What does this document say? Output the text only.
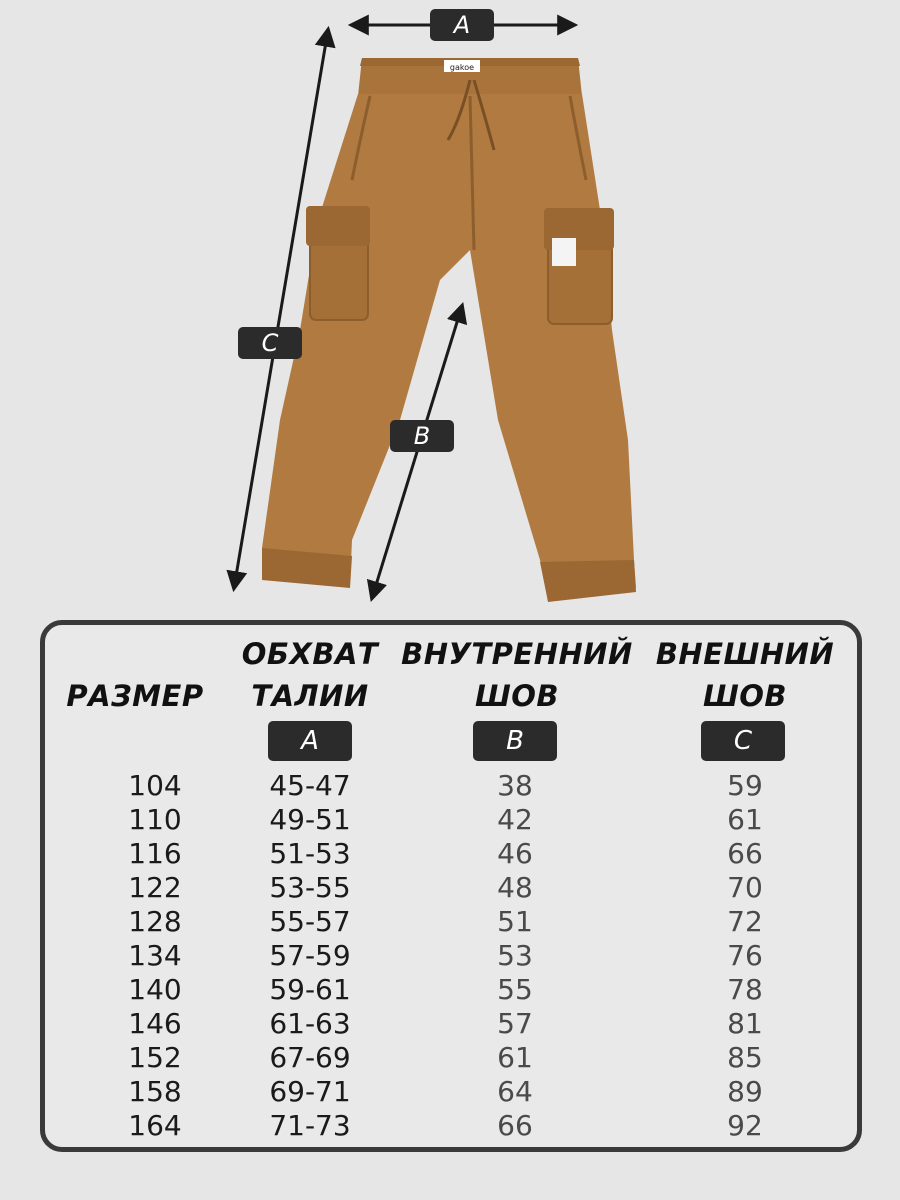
gakoe
A
C
B
РАЗМЕР
ОБХВАТ
ТАЛИИ
ВНУТРЕННИЙ
ШОВ
ВНЕШНИЙ
ШОВ
A	B	C
104
110
116
122
128
134
140
146
152
158
164
45-47
49-51
51-53
53-55
55-57
57-59
59-61
61-63
67-69
69-71
71-73
38
42
46
48
51
53
55
57
61
64
66
59
61
66
70
72
76
78
81
85
89
92
